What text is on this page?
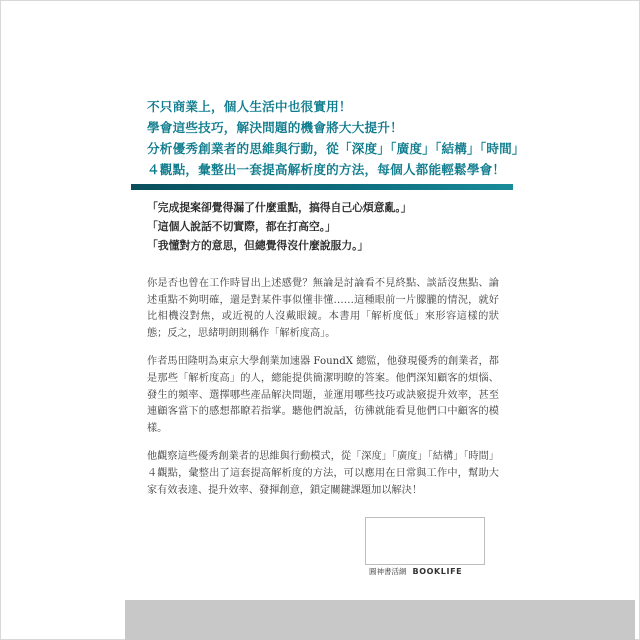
不只商業上，個人生活中也很實用！
學會這些技巧，解決問題的機會將大大提升！
分析優秀創業者的思維與行動，從「深度」「廣度」「結構」「時間」
４觀點，彙整出一套提高解析度的方法，每個人都能輕鬆學會！
「完成提案卻覺得漏了什麼重點，搞得自己心煩意亂。」
「這個人說話不切實際，都在打高空。」
「我懂對方的意思，但總覺得沒什麼說服力。」

你是否也曾在工作時冒出上述感覺？無論是討論看不見終點、談話沒焦點、論述重點不夠明確，還是對某件事似懂非懂……這種眼前一片朦朧的情況，就好比相機沒對焦，或近視的人沒戴眼鏡。本書用「解析度低」來形容這樣的狀態；反之，思緒明朗則稱作「解析度高」。

作者馬田隆明為東京大學創業加速器 FoundX 總監，他發現優秀的創業者，都是那些「解析度高」的人，總能提供簡潔明瞭的答案。他們深知顧客的煩惱、發生的頻率、選擇哪些產品解決問題，並運用哪些技巧或訣竅提升效率，甚至連顧客當下的感想都瞭若指掌。聽他們說話，彷彿就能看見他們口中顧客的模樣。

他觀察這些優秀創業者的思維與行動模式，從「深度」「廣度」「結構」「時間」４觀點，彙整出了這套提高解析度的方法，可以應用在日常與工作中，幫助大家有效表達、提升效率、發揮創意，鎖定關鍵課題加以解決！

圓神書活網 BOOKLIFE
